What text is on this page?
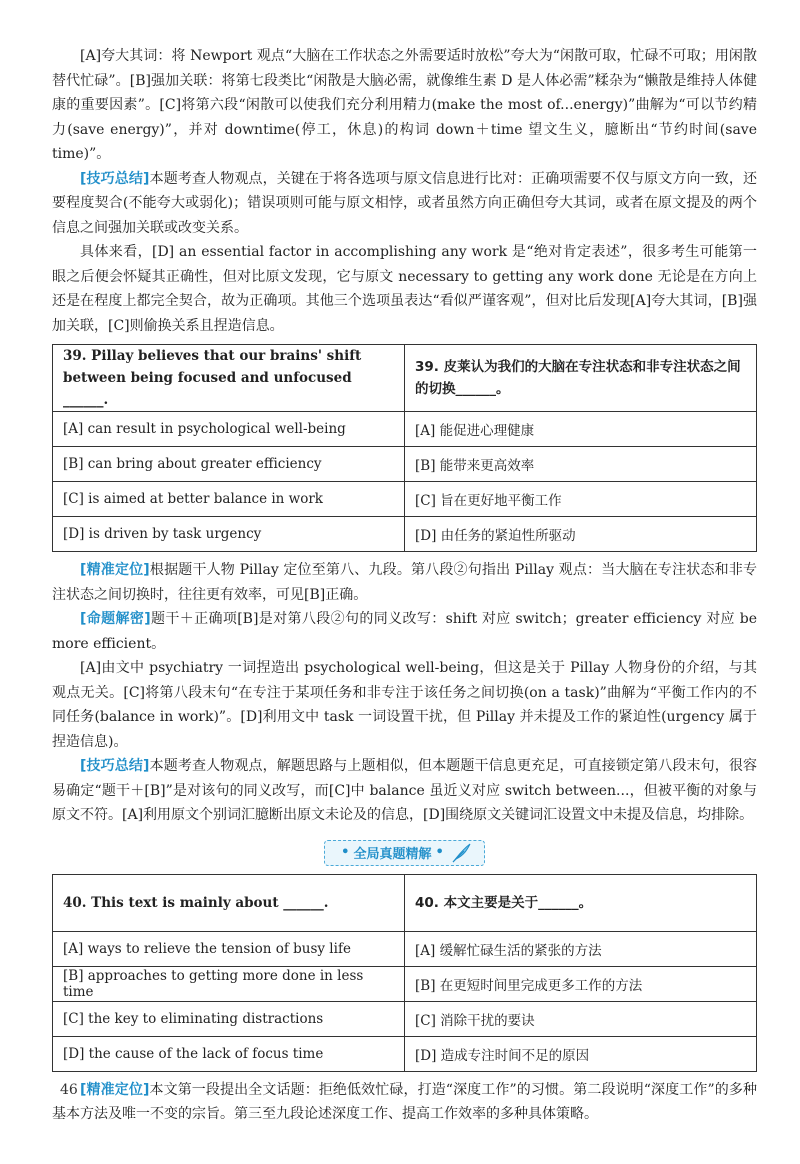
[A]夸大其词：将 Newport 观点“大脑在工作状态之外需要适时放松”夸大为“闲散可取，忙碌不可取；用闲散替代忙碌”。[B]强加关联：将第七段类比“闲散是大脑必需，就像维生素 D 是人体必需”糅杂为“懒散是维持人体健康的重要因素”。[C]将第六段“闲散可以使我们充分利用精力(make the most of...energy)”曲解为“可以节约精力(save energy)”，并对 downtime(停工，休息)的构词 down＋time 望文生义，臆断出“节约时间(save time)”。

[技巧总结]本题考查人物观点，关键在于将各选项与原文信息进行比对：正确项需要不仅与原文方向一致，还要程度契合(不能夸大或弱化)；错误项则可能与原文相悖，或者虽然方向正确但夸大其词，或者在原文提及的两个信息之间强加关联或改变关系。

具体来看，[D] an essential factor in accomplishing any work 是“绝对肯定表述”，很多考生可能第一眼之后便会怀疑其正确性，但对比原文发现，它与原文 necessary to getting any work done 无论是在方向上还是在程度上都完全契合，故为正确项。其他三个选项虽表达“看似严谨客观”，但对比后发现[A]夸大其词，[B]强加关联，[C]则偷换关系且捏造信息。

39. Pillay believes that our brains' shift between being focused and unfocused ______.	39. 皮莱认为我们的大脑在专注状态和非专注状态之间的切换______。
[A] can result in psychological well-being	[A] 能促进心理健康
[B] can bring about greater efficiency	[B] 能带来更高效率
[C] is aimed at better balance in work	[C] 旨在更好地平衡工作
[D] is driven by task urgency	[D] 由任务的紧迫性所驱动

[精准定位]根据题干人物 Pillay 定位至第八、九段。第八段②句指出 Pillay 观点：当大脑在专注状态和非专注状态之间切换时，往往更有效率，可见[B]正确。

[命题解密]题干＋正确项[B]是对第八段②句的同义改写：shift 对应 switch；greater efficiency 对应 be more efficient。

[A]由文中 psychiatry 一词捏造出 psychological well-being，但这是关于 Pillay 人物身份的介绍，与其观点无关。[C]将第八段末句“在专注于某项任务和非专注于该任务之间切换(on a task)”曲解为“平衡工作内的不同任务(balance in work)”。[D]利用文中 task 一词设置干扰，但 Pillay 并未提及工作的紧迫性(urgency 属于捏造信息)。

[技巧总结]本题考查人物观点，解题思路与上题相似，但本题题干信息更充足，可直接锁定第八段末句，很容易确定“题干＋[B]”是对该句的同义改写，而[C]中 balance 虽近义对应 switch between...，但被平衡的对象与原文不符。[A]利用原文个别词汇臆断出原文未论及的信息，[D]围绕原文关键词汇设置文中未提及信息，均排除。

• 全局真题精解 •
40. This text is mainly about ______.	40. 本文主要是关于______。
[A] ways to relieve the tension of busy life	[A] 缓解忙碌生活的紧张的方法
[B] approaches to getting more done in less time	[B] 在更短时间里完成更多工作的方法
[C] the key to eliminating distractions	[C] 消除干扰的要诀
[D] the cause of the lack of focus time	[D] 造成专注时间不足的原因

[精准定位]本文第一段提出全文话题：拒绝低效忙碌，打造“深度工作”的习惯。第二段说明“深度工作”的多种基本方法及唯一不变的宗旨。第三至九段论述深度工作、提高工作效率的多种具体策略。

46
